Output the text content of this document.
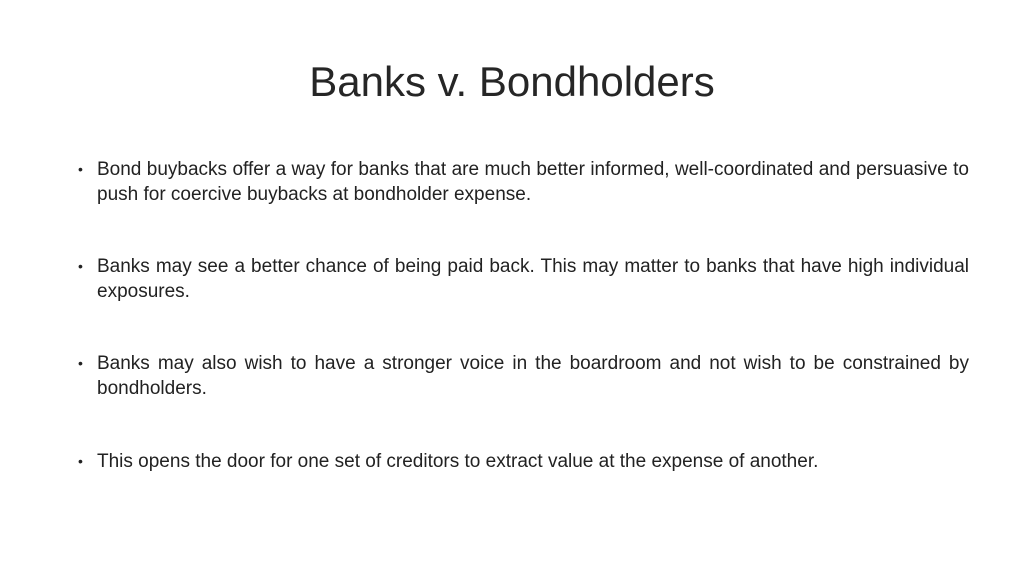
Banks v. Bondholders
• Bond buybacks offer a way for banks that are much better informed, well-coordinated and persuasive to push for coercive buybacks at bondholder expense.
• Banks may see a better chance of being paid back. This may matter to banks that have high individual exposures.
• Banks may also wish to have a stronger voice in the boardroom and not wish to be constrained by bondholders.
• This opens the door for one set of creditors to extract value at the expense of another.
